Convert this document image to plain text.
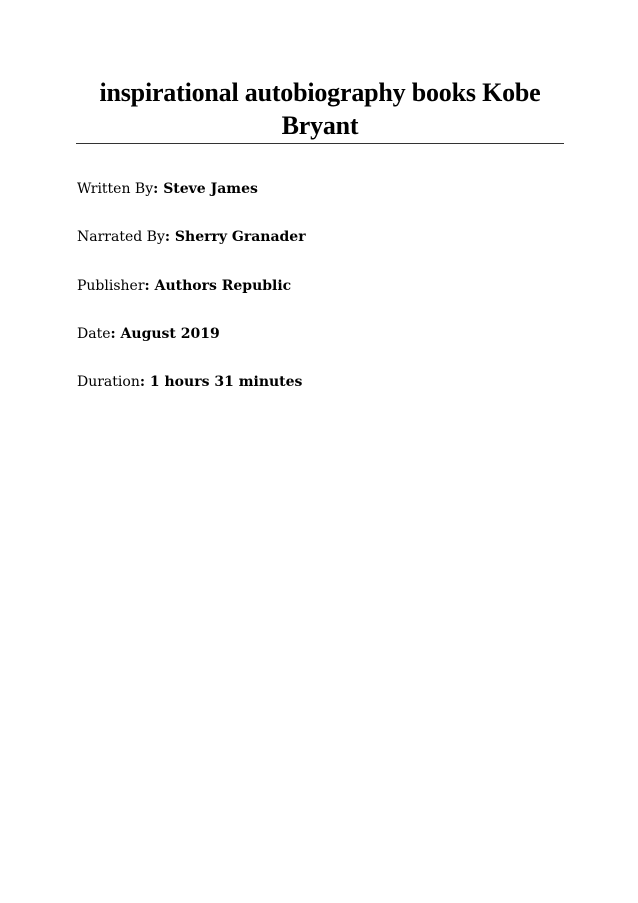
inspirational autobiography books Kobe Bryant
Written By: Steve James
Narrated By: Sherry Granader
Publisher: Authors Republic
Date: August 2019
Duration: 1 hours 31 minutes
